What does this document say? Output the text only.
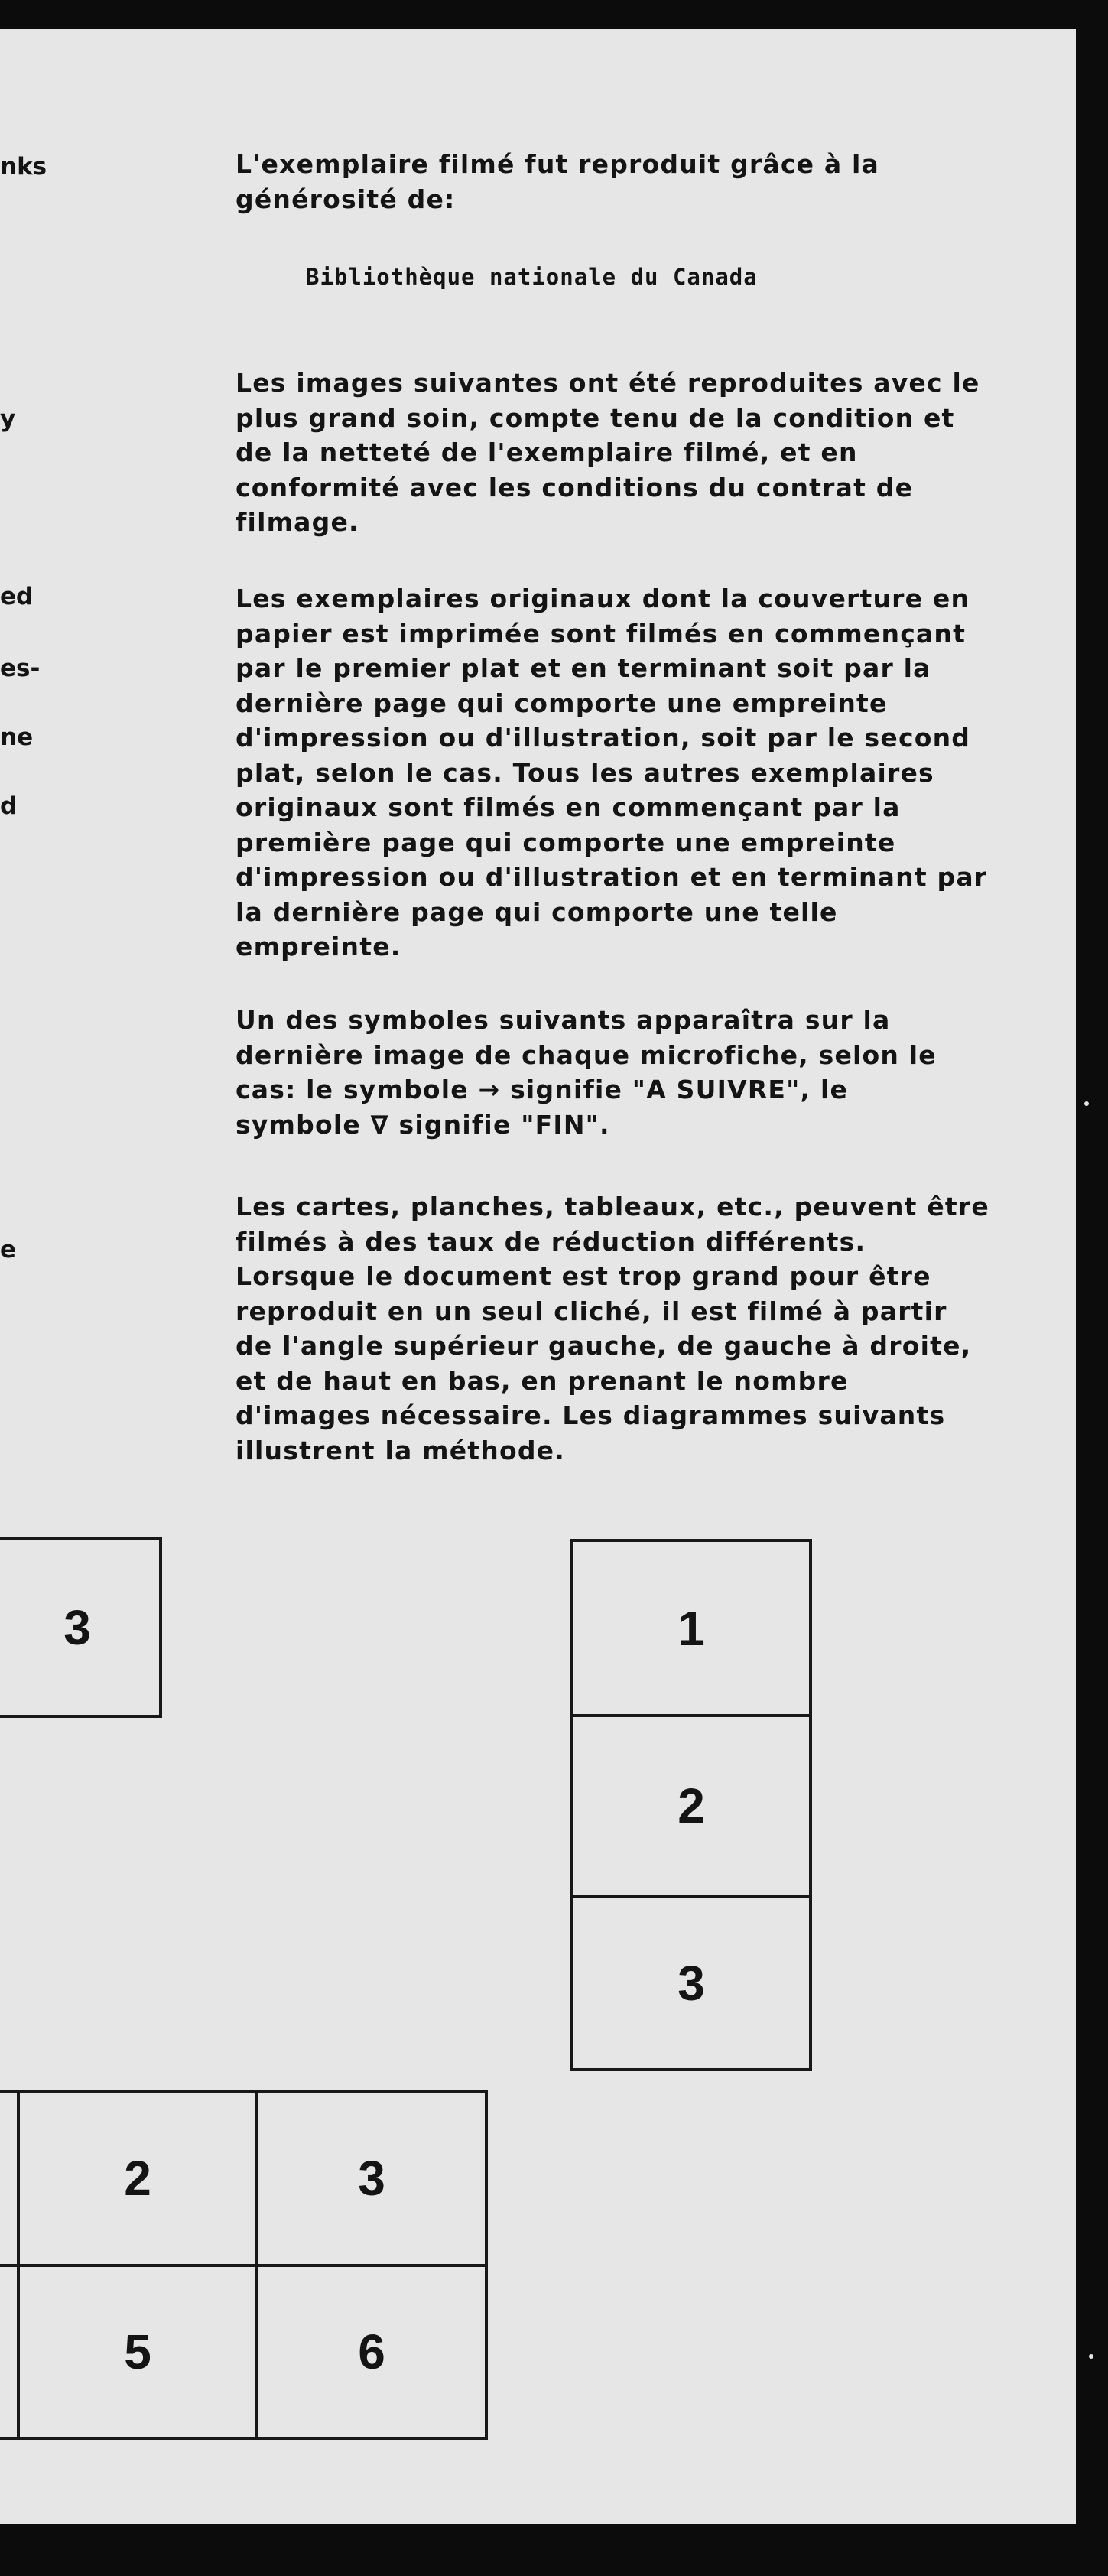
nks

y

ed

es-

ne

d

e

L'exemplaire filmé fut reproduit grâce à la
générosité de:

Bibliothèque nationale du Canada

Les images suivantes ont été reproduites avec le
plus grand soin, compte tenu de la condition et
de la netteté de l'exemplaire filmé, et en
conformité avec les conditions du contrat de
filmage.

Les exemplaires originaux dont la couverture en
papier est imprimée sont filmés en commençant
par le premier plat et en terminant soit par la
dernière page qui comporte une empreinte
d'impression ou d'illustration, soit par le second
plat, selon le cas. Tous les autres exemplaires
originaux sont filmés en commençant par la
première page qui comporte une empreinte
d'impression ou d'illustration et en terminant par
la dernière page qui comporte une telle
empreinte.

Un des symboles suivants apparaîtra sur la
dernière image de chaque microfiche, selon le
cas: le symbole → signifie "A SUIVRE", le
symbole ∇ signifie "FIN".

Les cartes, planches, tableaux, etc., peuvent être
filmés à des taux de réduction différents.
Lorsque le document est trop grand pour être
reproduit en un seul cliché, il est filmé à partir
de l'angle supérieur gauche, de gauche à droite,
et de haut en bas, en prenant le nombre
d'images nécessaire. Les diagrammes suivants
illustrent la méthode.

3	1
2
3
2	3
5	6
